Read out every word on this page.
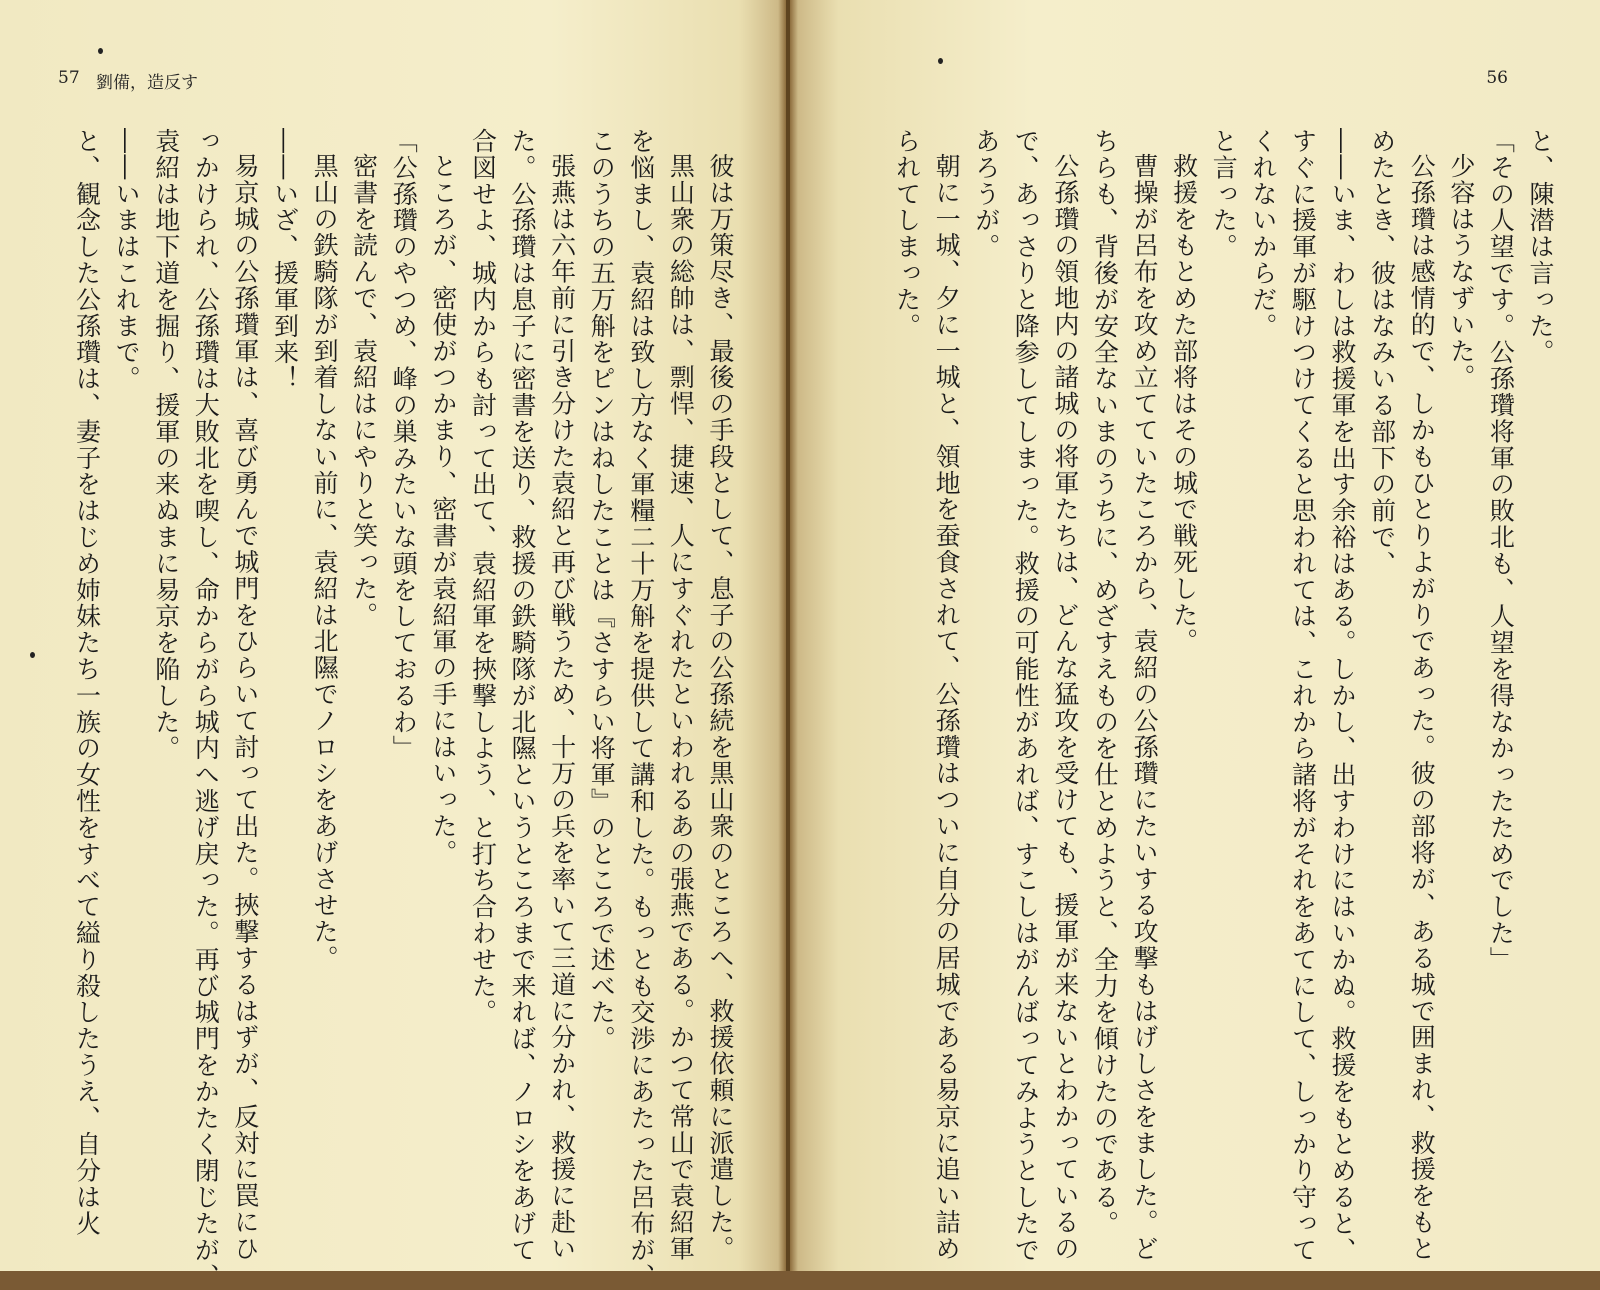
57 劉備，造反す
彼は万策尽き、最後の手段として、息子の公孫続を黒山衆のところへ、救援依頼に派遣した。
黒山衆の総帥は、剽悍、捷速、人にすぐれたといわれるあの張燕である。かつて常山で袁紹軍
を悩まし、袁紹は致し方なく軍糧二十万斛を提供して講和した。もっとも交渉にあたった呂布が、
このうちの五万斛をピンはねしたことは『さすらい将軍』のところで述べた。
張燕は六年前に引き分けた袁紹と再び戦うため、十万の兵を率いて三道に分かれ、救援に赴い
た。公孫瓚は息子に密書を送り、救援の鉄騎隊が北隰というところまで来れば、ノロシをあげて
合図せよ、城内からも討って出て、袁紹軍を挾撃しよう、と打ち合わせた。
ところが、密使がつかまり、密書が袁紹軍の手にはいった。
「公孫瓚のやつめ、峰の巣みたいな頭をしておるわ」
密書を読んで、袁紹はにやりと笑った。
黒山の鉄騎隊が到着しない前に、袁紹は北隰でノロシをあげさせた。
――いざ、援軍到来！
易京城の公孫瓚軍は、喜び勇んで城門をひらいて討って出た。挾撃するはずが、反対に罠にひ
っかけられ、公孫瓚は大敗北を喫し、命からがら城内へ逃げ戻った。再び城門をかたく閉じたが、
袁紹は地下道を掘り、援軍の来ぬまに易京を陥した。
――いまはこれまで。
と、観念した公孫瓚は、妻子をはじめ姉妹たち一族の女性をすべて縊り殺したうえ、自分は火
56
と、陳潜は言った。
「その人望です。公孫瓚将軍の敗北も、人望を得なかったためでした」
少容はうなずいた。
公孫瓚は感情的で、しかもひとりよがりであった。彼の部将が、ある城で囲まれ、救援をもと
めたとき、彼はなみいる部下の前で、
――いま、わしは救援軍を出す余裕はある。しかし、出すわけにはいかぬ。救援をもとめると、
すぐに援軍が駆けつけてくると思われては、これから諸将がそれをあてにして、しっかり守って
くれないからだ。
と言った。
救援をもとめた部将はその城で戦死した。
曹操が呂布を攻め立てていたころから、袁紹の公孫瓚にたいする攻撃もはげしさをました。ど
ちらも、背後が安全ないまのうちに、めざすえものを仕とめようと、全力を傾けたのである。
公孫瓚の領地内の諸城の将軍たちは、どんな猛攻を受けても、援軍が来ないとわかっているの
で、あっさりと降参してしまった。救援の可能性があれば、すこしはがんばってみようとしたで
あろうが。
朝に一城、夕に一城と、領地を蚕食されて、公孫瓚はついに自分の居城である易京に追い詰め
られてしまった。
